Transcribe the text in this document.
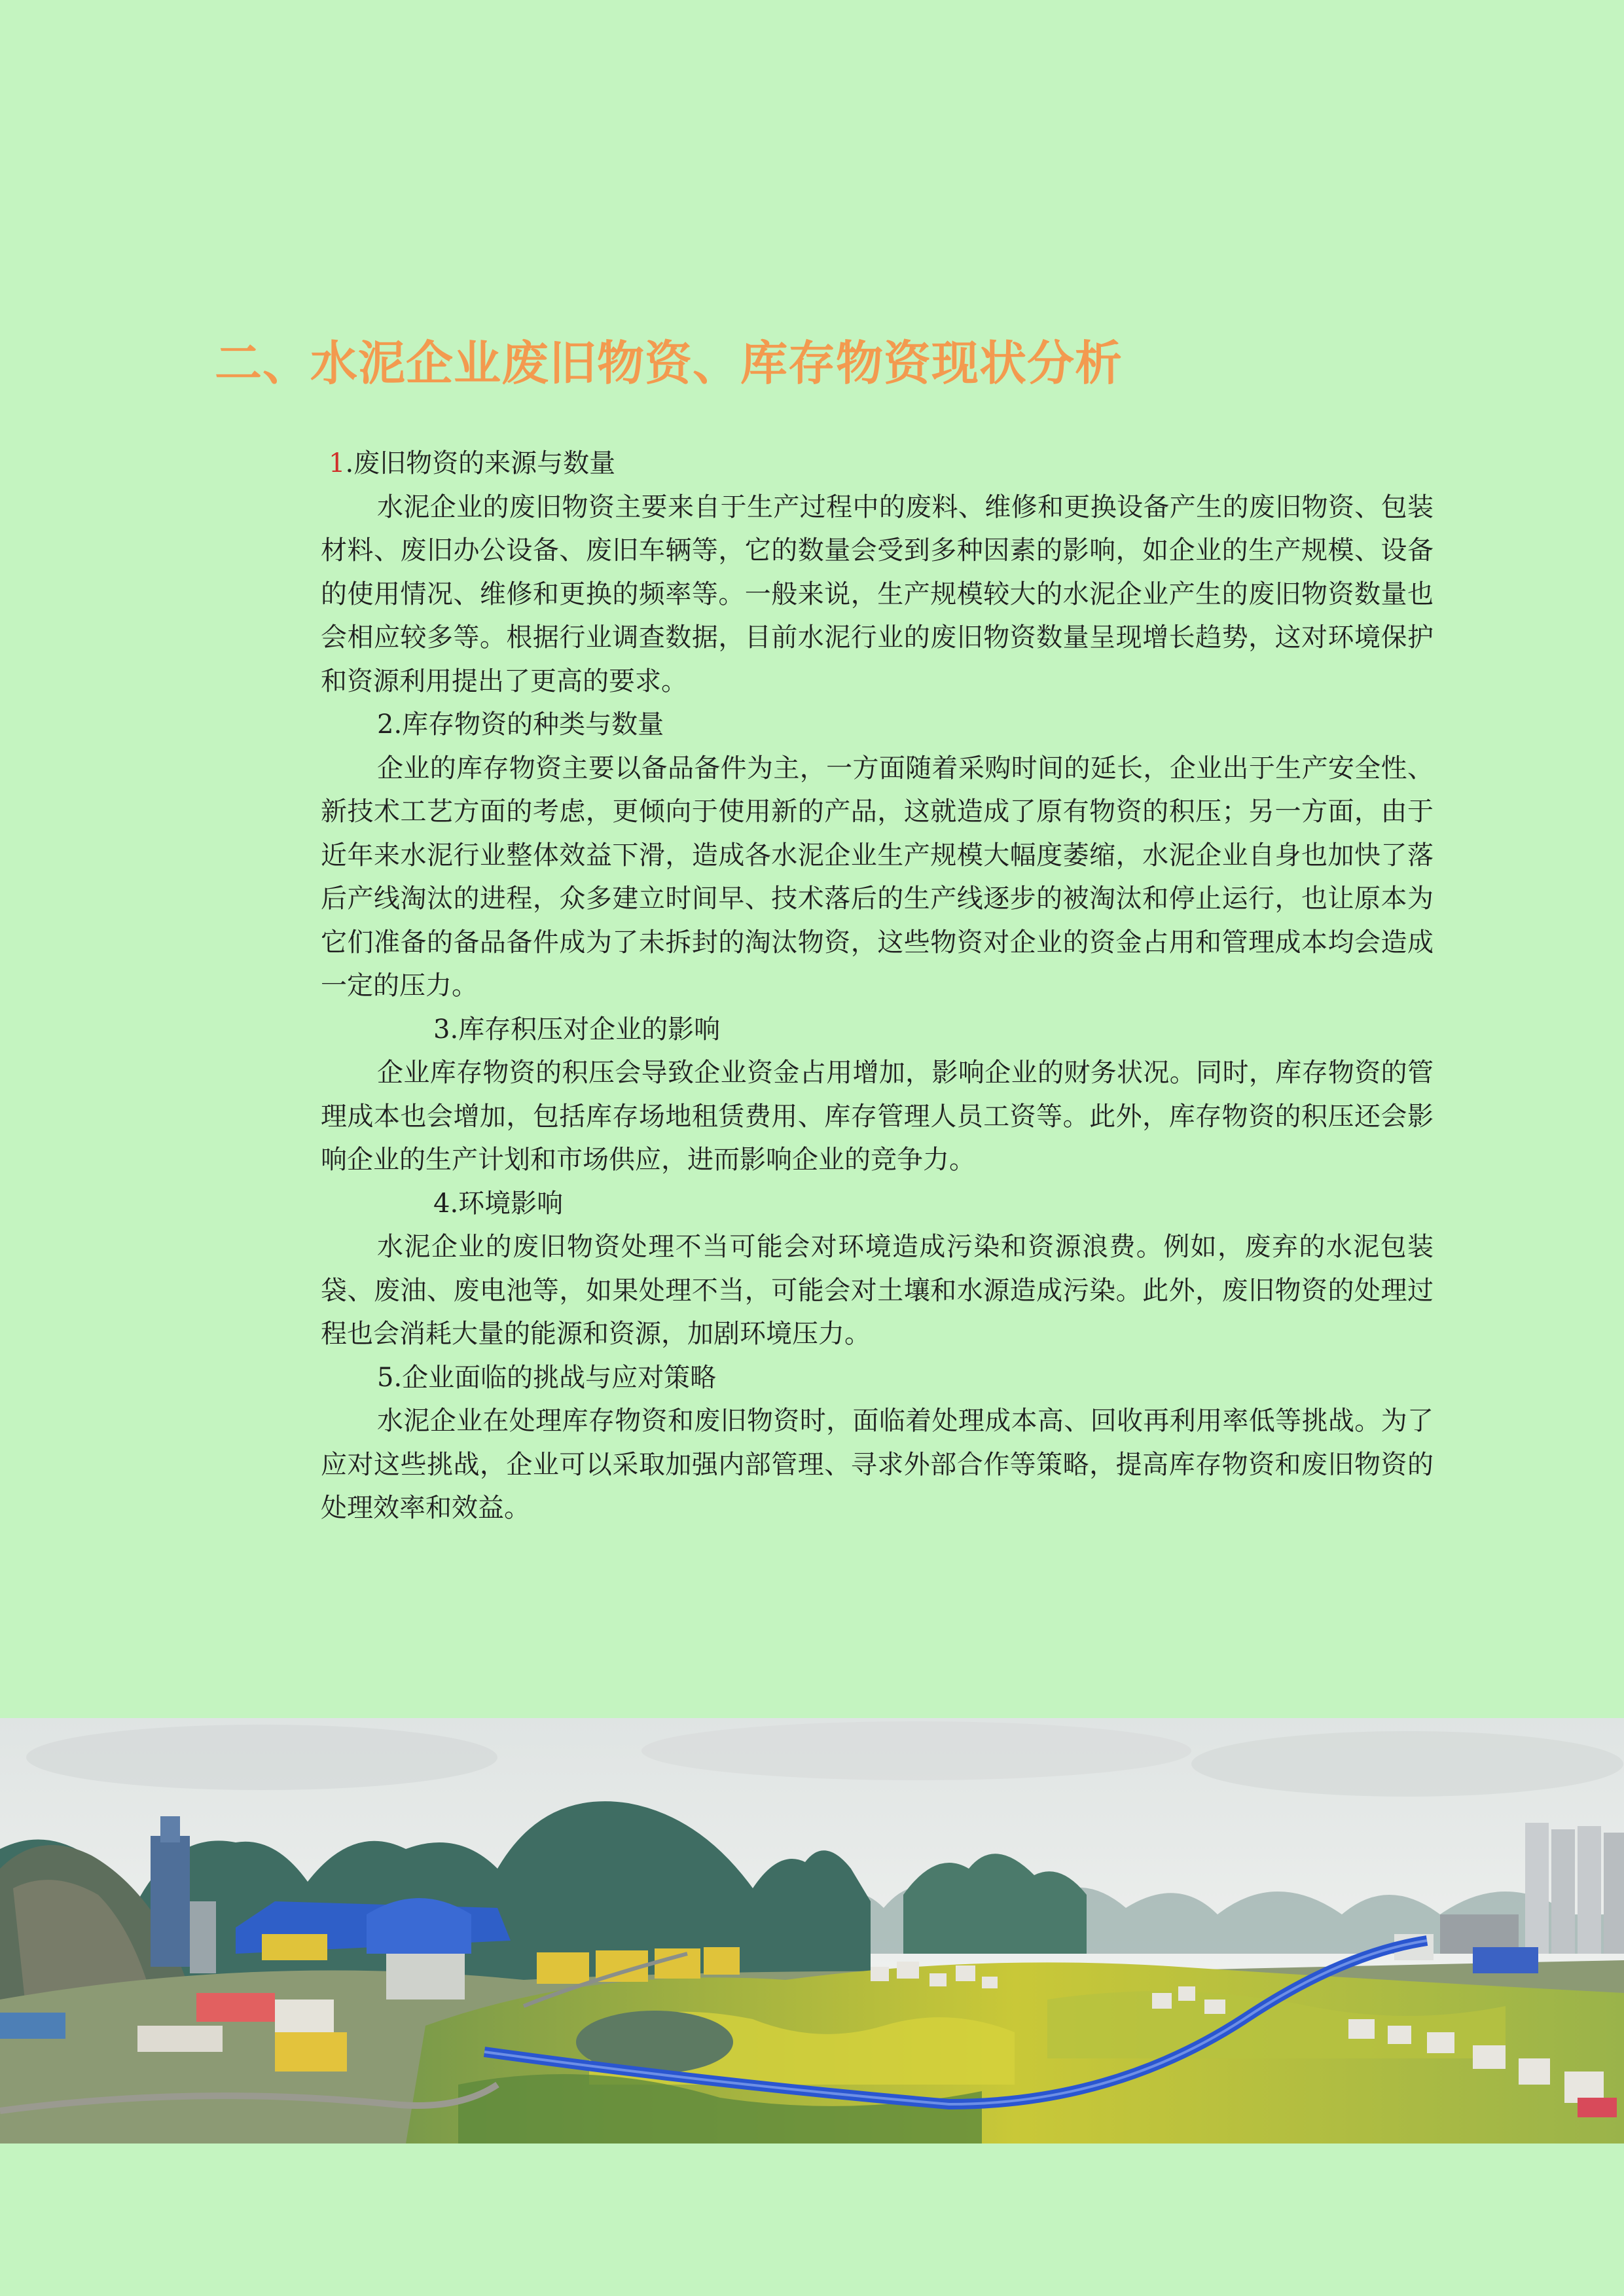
二、水泥企业废旧物资、库存物资现状分析

1.废旧物资的来源与数量

水泥企业的废旧物资主要来自于生产过程中的废料、维修和更换设备产生的废旧物资、包装材料、废旧办公设备、废旧车辆等，它的数量会受到多种因素的影响，如企业的生产规模、设备的使用情况、维修和更换的频率等。一般来说，生产规模较大的水泥企业产生的废旧物资数量也会相应较多等。根据行业调查数据，目前水泥行业的废旧物资数量呈现增长趋势，这对环境保护和资源利用提出了更高的要求。

2.库存物资的种类与数量

企业的库存物资主要以备品备件为主，一方面随着采购时间的延长，企业出于生产安全性、新技术工艺方面的考虑，更倾向于使用新的产品，这就造成了原有物资的积压；另一方面，由于近年来水泥行业整体效益下滑，造成各水泥企业生产规模大幅度萎缩，水泥企业自身也加快了落后产线淘汰的进程，众多建立时间早、技术落后的生产线逐步的被淘汰和停止运行，也让原本为它们准备的备品备件成为了未拆封的淘汰物资，这些物资对企业的资金占用和管理成本均会造成一定的压力。

3.库存积压对企业的影响

企业库存物资的积压会导致企业资金占用增加，影响企业的财务状况。同时，库存物资的管理成本也会增加，包括库存场地租赁费用、库存管理人员工资等。此外，库存物资的积压还会影响企业的生产计划和市场供应，进而影响企业的竞争力。

4.环境影响

水泥企业的废旧物资处理不当可能会对环境造成污染和资源浪费。例如，废弃的水泥包装袋、废油、废电池等，如果处理不当，可能会对土壤和水源造成污染。此外，废旧物资的处理过程也会消耗大量的能源和资源，加剧环境压力。

5.企业面临的挑战与应对策略

水泥企业在处理库存物资和废旧物资时，面临着处理成本高、回收再利用率低等挑战。为了应对这些挑战，企业可以采取加强内部管理、寻求外部合作等策略，提高库存物资和废旧物资的处理效率和效益。
